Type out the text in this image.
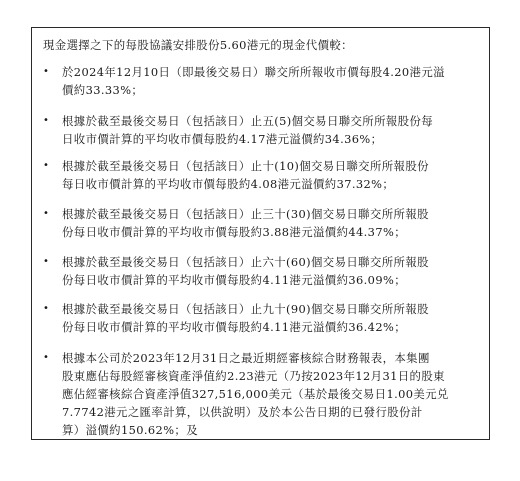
現金選擇之下的每股協議安排股份5.60港元的現金代價較：
•	於2024年12月10日（即最後交易日）聯交所所報收市價每股4.20港元溢
價約33.33%；
•	根據於截至最後交易日（包括該日）止五(5)個交易日聯交所所報股份每
日收市價計算的平均收市價每股約4.17港元溢價約34.36%；
•	根據於截至最後交易日（包括該日）止十(10)個交易日聯交所所報股份
每日收市價計算的平均收市價每股約4.08港元溢價約37.32%；
•	根據於截至最後交易日（包括該日）止三十(30)個交易日聯交所所報股
份每日收市價計算的平均收市價每股約3.88港元溢價約44.37%；
•	根據於截至最後交易日（包括該日）止六十(60)個交易日聯交所所報股
份每日收市價計算的平均收市價每股約4.11港元溢價約36.09%；
•	根據於截至最後交易日（包括該日）止九十(90)個交易日聯交所所報股
份每日收市價計算的平均收市價每股約4.11港元溢價約36.42%；
•	根據本公司於2023年12月31日之最近期經審核綜合財務報表，本集團
股東應佔每股經審核資產淨值約2.23港元（乃按2023年12月31日的股東
應佔經審核綜合資產淨值327,516,000美元（基於最後交易日1.00美元兑
7.7742港元之匯率計算，以供說明）及於本公告日期的已發行股份計
算）溢價約150.62%；及
